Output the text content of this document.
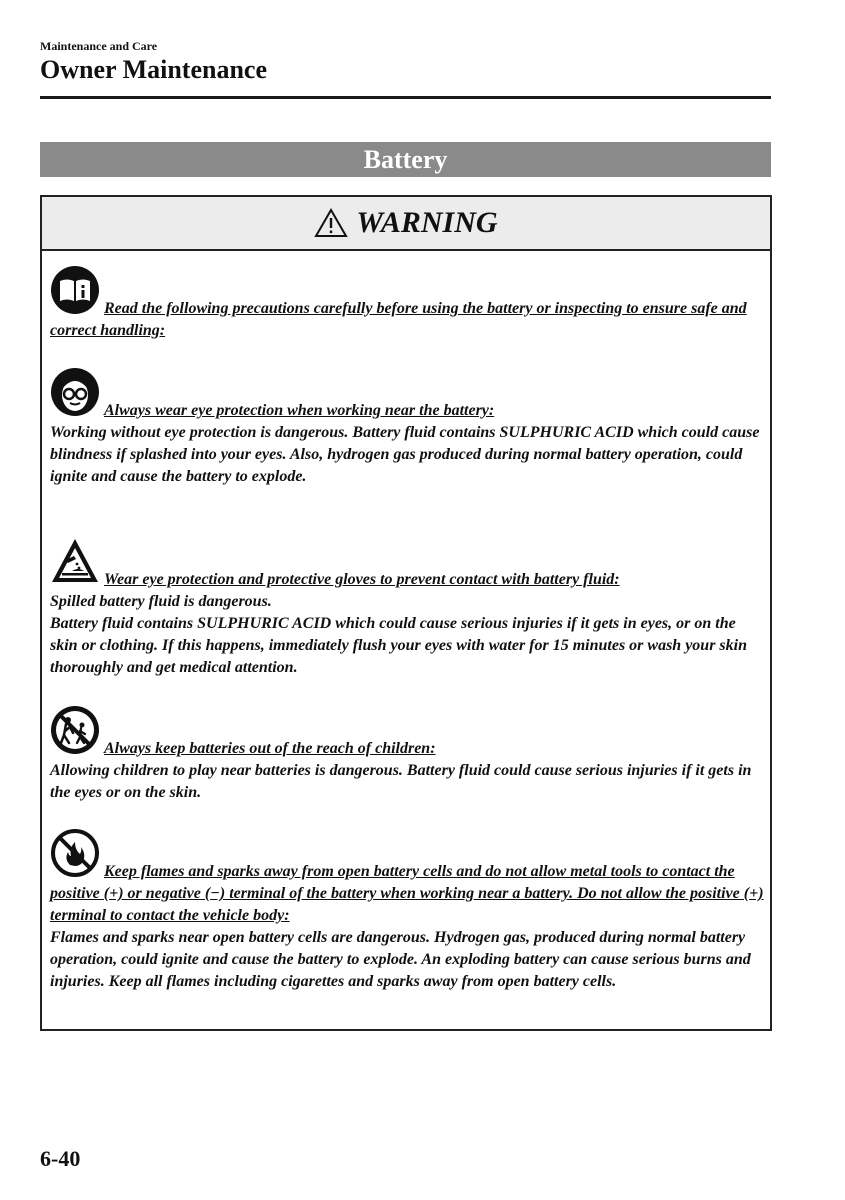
Maintenance and Care
Owner Maintenance
Battery
WARNING
Read the following precautions carefully before using the battery or inspecting to ensure safe and correct handling:
Always wear eye protection when working near the battery:
Working without eye protection is dangerous. Battery fluid contains SULPHURIC ACID which could cause blindness if splashed into your eyes. Also, hydrogen gas produced during normal battery operation, could ignite and cause the battery to explode.
Wear eye protection and protective gloves to prevent contact with battery fluid:
Spilled battery fluid is dangerous.
Battery fluid contains SULPHURIC ACID which could cause serious injuries if it gets in eyes, or on the skin or clothing. If this happens, immediately flush your eyes with water for 15 minutes or wash your skin thoroughly and get medical attention.
Always keep batteries out of the reach of children:
Allowing children to play near batteries is dangerous. Battery fluid could cause serious injuries if it gets in the eyes or on the skin.
Keep flames and sparks away from open battery cells and do not allow metal tools to contact the positive (+) or negative (−) terminal of the battery when working near a battery. Do not allow the positive (+) terminal to contact the vehicle body:
Flames and sparks near open battery cells are dangerous. Hydrogen gas, produced during normal battery operation, could ignite and cause the battery to explode. An exploding battery can cause serious burns and injuries. Keep all flames including cigarettes and sparks away from open battery cells.
6-40
